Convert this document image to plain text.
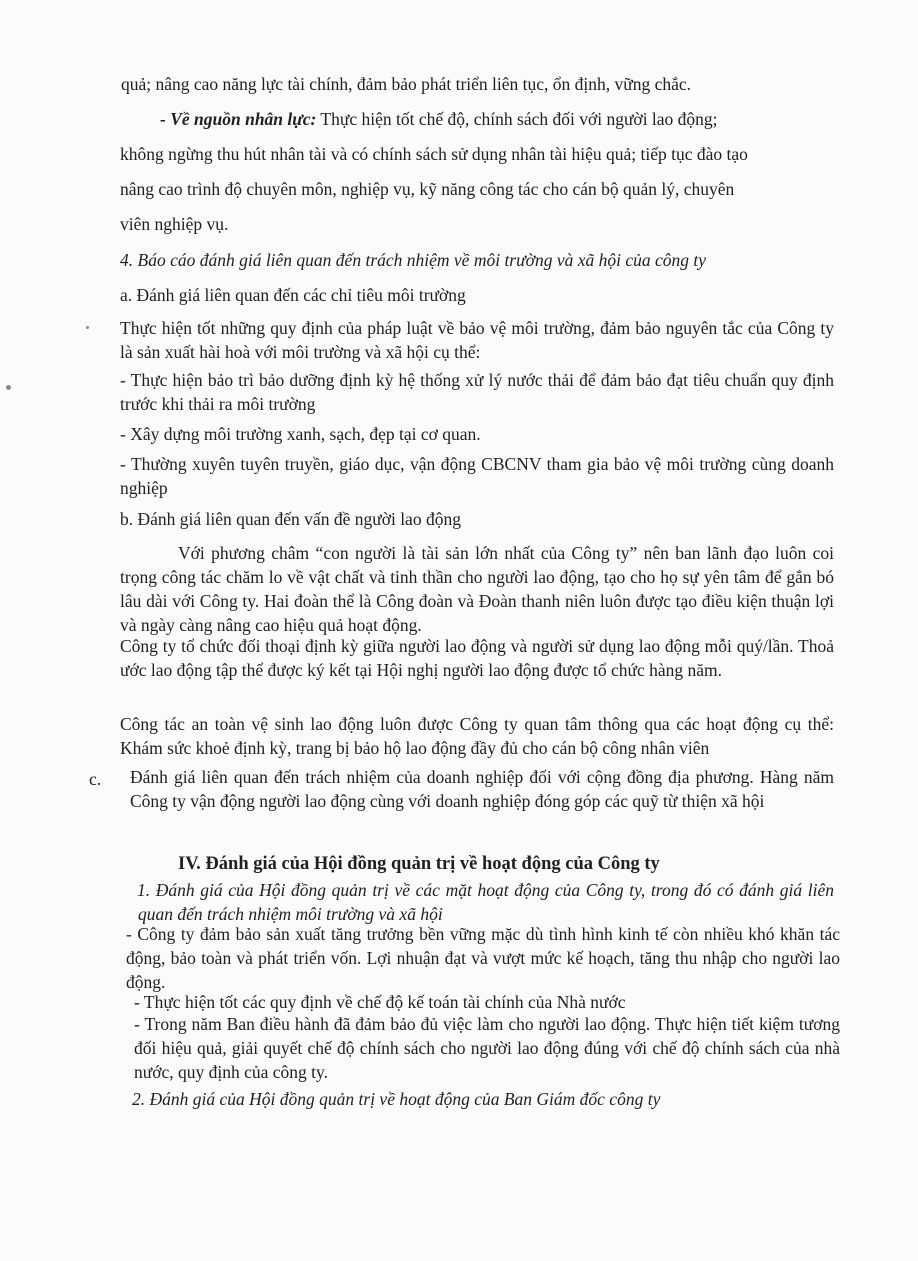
quả; nâng cao năng lực tài chính, đảm bảo phát triển liên tục, ổn định, vững chắc.

- Về nguồn nhân lực: Thực hiện tốt chế độ, chính sách đối với người lao động;

không ngừng thu hút nhân tài và có chính sách sử dụng nhân tài hiệu quả; tiếp tục đào tạo

nâng cao trình độ chuyên môn, nghiệp vụ, kỹ năng công tác cho cán bộ quản lý, chuyên

viên nghiệp vụ.

4. Báo cáo đánh giá liên quan đến trách nhiệm về môi trường và xã hội của công ty

a. Đánh giá liên quan đến các chỉ tiêu môi trường

Thực hiện tốt những quy định của pháp luật về bảo vệ môi trường, đảm bảo nguyên tắc của Công ty là sản xuất hài hoà với môi trường và xã hội cụ thể:

- Thực hiện bảo trì bảo dưỡng định kỳ hệ thống xử lý nước thải để đảm bảo đạt tiêu chuẩn quy định trước khi thải ra môi trường

- Xây dựng môi trường xanh, sạch, đẹp tại cơ quan.

- Thường xuyên tuyên truyền, giáo dục, vận động CBCNV tham gia bảo vệ môi trường cùng doanh nghiệp

b. Đánh giá liên quan đến vấn đề người lao động

Với phương châm “con người là tài sản lớn nhất của Công ty” nên ban lãnh đạo luôn coi trọng công tác chăm lo về vật chất và tinh thần cho người lao động, tạo cho họ sự yên tâm để gắn bó lâu dài với Công ty. Hai đoàn thể là Công đoàn và Đoàn thanh niên luôn được tạo điều kiện thuận lợi và ngày càng nâng cao hiệu quả hoạt động.

Công ty tổ chức đối thoại định kỳ giữa người lao động và người sử dụng lao động mỗi quý/lần. Thoả ước lao động tập thể được ký kết tại Hội nghị người lao động được tổ chức hàng năm.

Công tác an toàn vệ sinh lao động luôn được Công ty quan tâm thông qua các hoạt động cụ thể: Khám sức khoẻ định kỳ, trang bị bảo hộ lao động đầy đủ cho cán bộ công nhân viên

c. Đánh giá liên quan đến trách nhiệm của doanh nghiệp đối với cộng đồng địa phương. Hàng năm Công ty vận động người lao động cùng với doanh nghiệp đóng góp các quỹ từ thiện xã hội

IV. Đánh giá của Hội đồng quản trị về hoạt động của Công ty

1. Đánh giá của Hội đồng quản trị về các mặt hoạt động của Công ty, trong đó có đánh giá liên quan đến trách nhiệm môi trường và xã hội

- Công ty đảm bảo sản xuất tăng trưởng bền vững mặc dù tình hình kinh tế còn nhiều khó khăn tác động, bảo toàn và phát triển vốn. Lợi nhuận đạt và vượt mức kế hoạch, tăng thu nhập cho người lao động.

- Thực hiện tốt các quy định về chế độ kế toán tài chính của Nhà nước

- Trong năm Ban điều hành đã đảm bảo đủ việc làm cho người lao động. Thực hiện tiết kiệm tương đối hiệu quả, giải quyết chế độ chính sách cho người lao động đúng với chế độ chính sách của nhà nước, quy định của công ty.

2. Đánh giá của Hội đồng quản trị về hoạt động của Ban Giám đốc công ty
